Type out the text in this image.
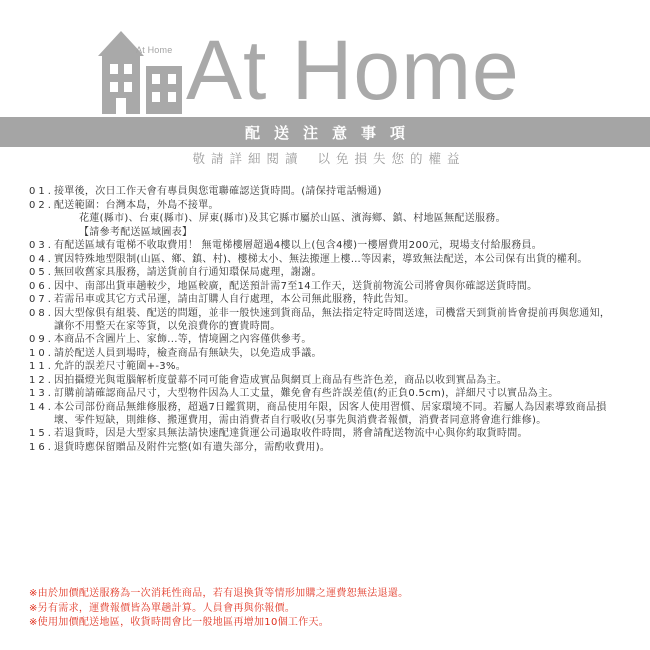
At Home At Home
配送注意事項
敬請詳細閱讀 以免損失您的權益
01. 接單後，次日工作天會有專員與您電聯確認送貨時間。(請保持電話暢通)
02. 配送範圍：台灣本島，外島不接單。
花蓮(縣市)、台東(縣市)、屏東(縣市)及其它縣市屬於山區、濱海鄉、鎮、村地區無配送服務。
【請參考配送區域圖表】
03. 有配送區域有電梯不收取費用！ 無電梯樓層超過4樓以上(包含4樓)一樓層費用200元，現場支付給服務員。
04. 實因特殊地型限制(山區、鄉、鎮、村)、樓梯太小、無法搬運上樓…等因素，導致無法配送，本公司保有出貨的權利。
05. 無回收舊家具服務，請送貨前自行通知環保局處理，謝謝。
06. 因中、南部出貨車趟較少，地區較廣，配送預計需7至14工作天，送貨前物流公司將會與你確認送貨時間。
07. 若需吊車或其它方式吊運，請由訂購人自行處理，本公司無此服務，特此告知。
08. 因大型傢俱有組裝、配送的問題，並非一般快速到貨商品，無法指定特定時間送達，司機當天到貨前皆會提前再與您通知，讓你不用整天在家等貨，以免浪費你的寶貴時間。
09. 本商品不含圖片上、家飾...等，情境圖之內容僅供參考。
10. 請於配送人員到場時，檢查商品有無缺失，以免造成爭議。
11. 允許的誤差尺寸範圍+-3%。
12. 因拍攝燈光與電腦解析度螢幕不同可能會造成實品與網頁上商品有些許色差，商品以收到實品為主。
13. 訂購前請確認商品尺寸，大型物件因為人工丈量，難免會有些許誤差值(約正負0.5cm)，詳細尺寸以實品為主。
14. 本公司部份商品無維修服務，超過7日鑑賞期，商品使用年限，因客人使用習慣、居家環境不同。若屬人為因素導致商品損壞、零件短缺，則維修、搬運費用，需由消費者自行吸收(另事先與消費者報價，消費者同意將會進行維修)。
15. 若退貨時，因是大型家具無法請快速配達貨運公司過取收件時間，將會請配送物流中心與你約取貨時間。
16. 退貨時應保留贈品及附件完整(如有遺失部分，需酌收費用)。
※由於加價配送服務為一次消耗性商品，若有退換貨等情形加購之運費恕無法退還。
※另有需求，運費報價皆為單趟計算。人員會再與你報價。
※使用加價配送地區，收貨時間會比一般地區再增加10個工作天。
